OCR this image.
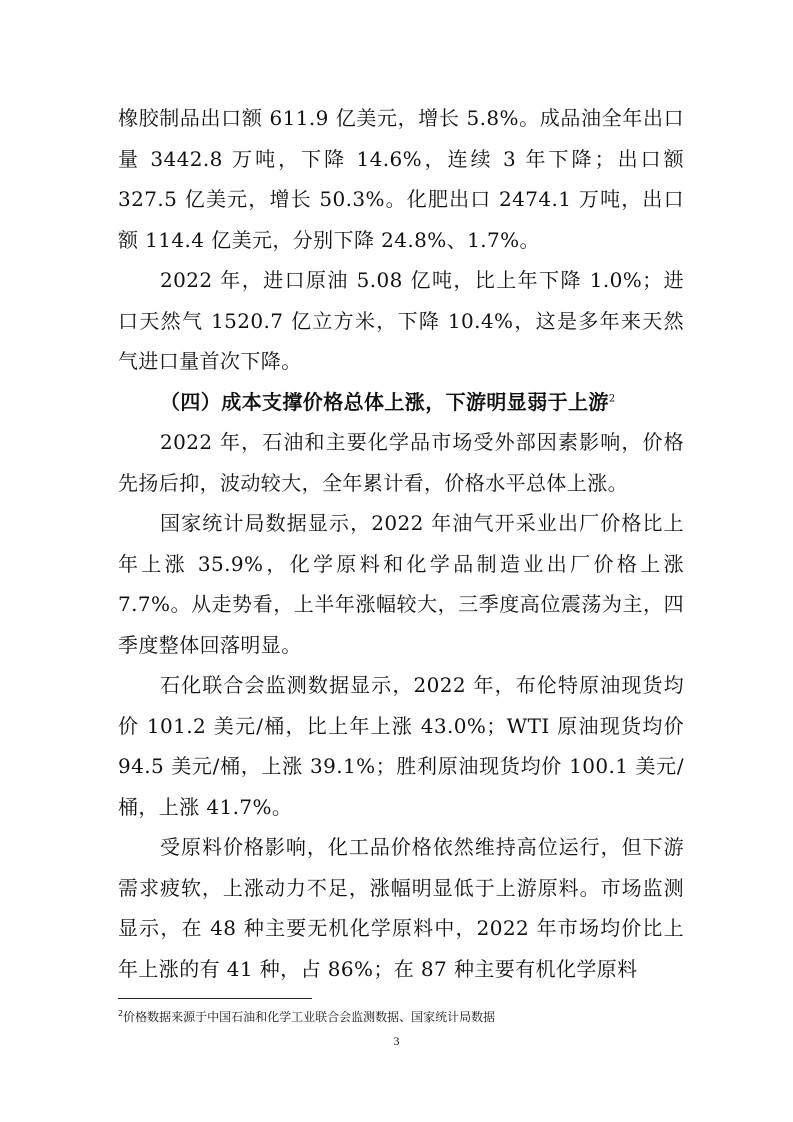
橡胶制品出口额 611.9 亿美元，增长 5.8%。成品油全年出口量 3442.8 万吨，下降 14.6%，连续 3 年下降；出口额 327.5 亿美元，增长 50.3%。化肥出口 2474.1 万吨，出口额 114.4 亿美元，分别下降 24.8%、1.7%。

2022 年，进口原油 5.08 亿吨，比上年下降 1.0%；进口天然气 1520.7 亿立方米，下降 10.4%，这是多年来天然气进口量首次下降。

（四）成本支撑价格总体上涨，下游明显弱于上游$^2$

2022 年，石油和主要化学品市场受外部因素影响，价格先扬后抑，波动较大，全年累计看，价格水平总体上涨。

国家统计局数据显示，2022 年油气开采业出厂价格比上年上涨 35.9%，化学原料和化学品制造业出厂价格上涨 7.7%。从走势看，上半年涨幅较大，三季度高位震荡为主，四季度整体回落明显。

石化联合会监测数据显示，2022 年，布伦特原油现货均价 101.2 美元/桶，比上年上涨 43.0%；WTI 原油现货均价 94.5 美元/桶，上涨 39.1%；胜利原油现货均价 100.1 美元/桶，上涨 41.7%。

受原料价格影响，化工品价格依然维持高位运行，但下游需求疲软，上涨动力不足，涨幅明显低于上游原料。市场监测显示，在 48 种主要无机化学原料中，2022 年市场均价比上年上涨的有 41 种，占 86%；在 87 种主要有机化学原料

$^2$价格数据来源于中国石油和化学工业联合会监测数据、国家统计局数据
3
